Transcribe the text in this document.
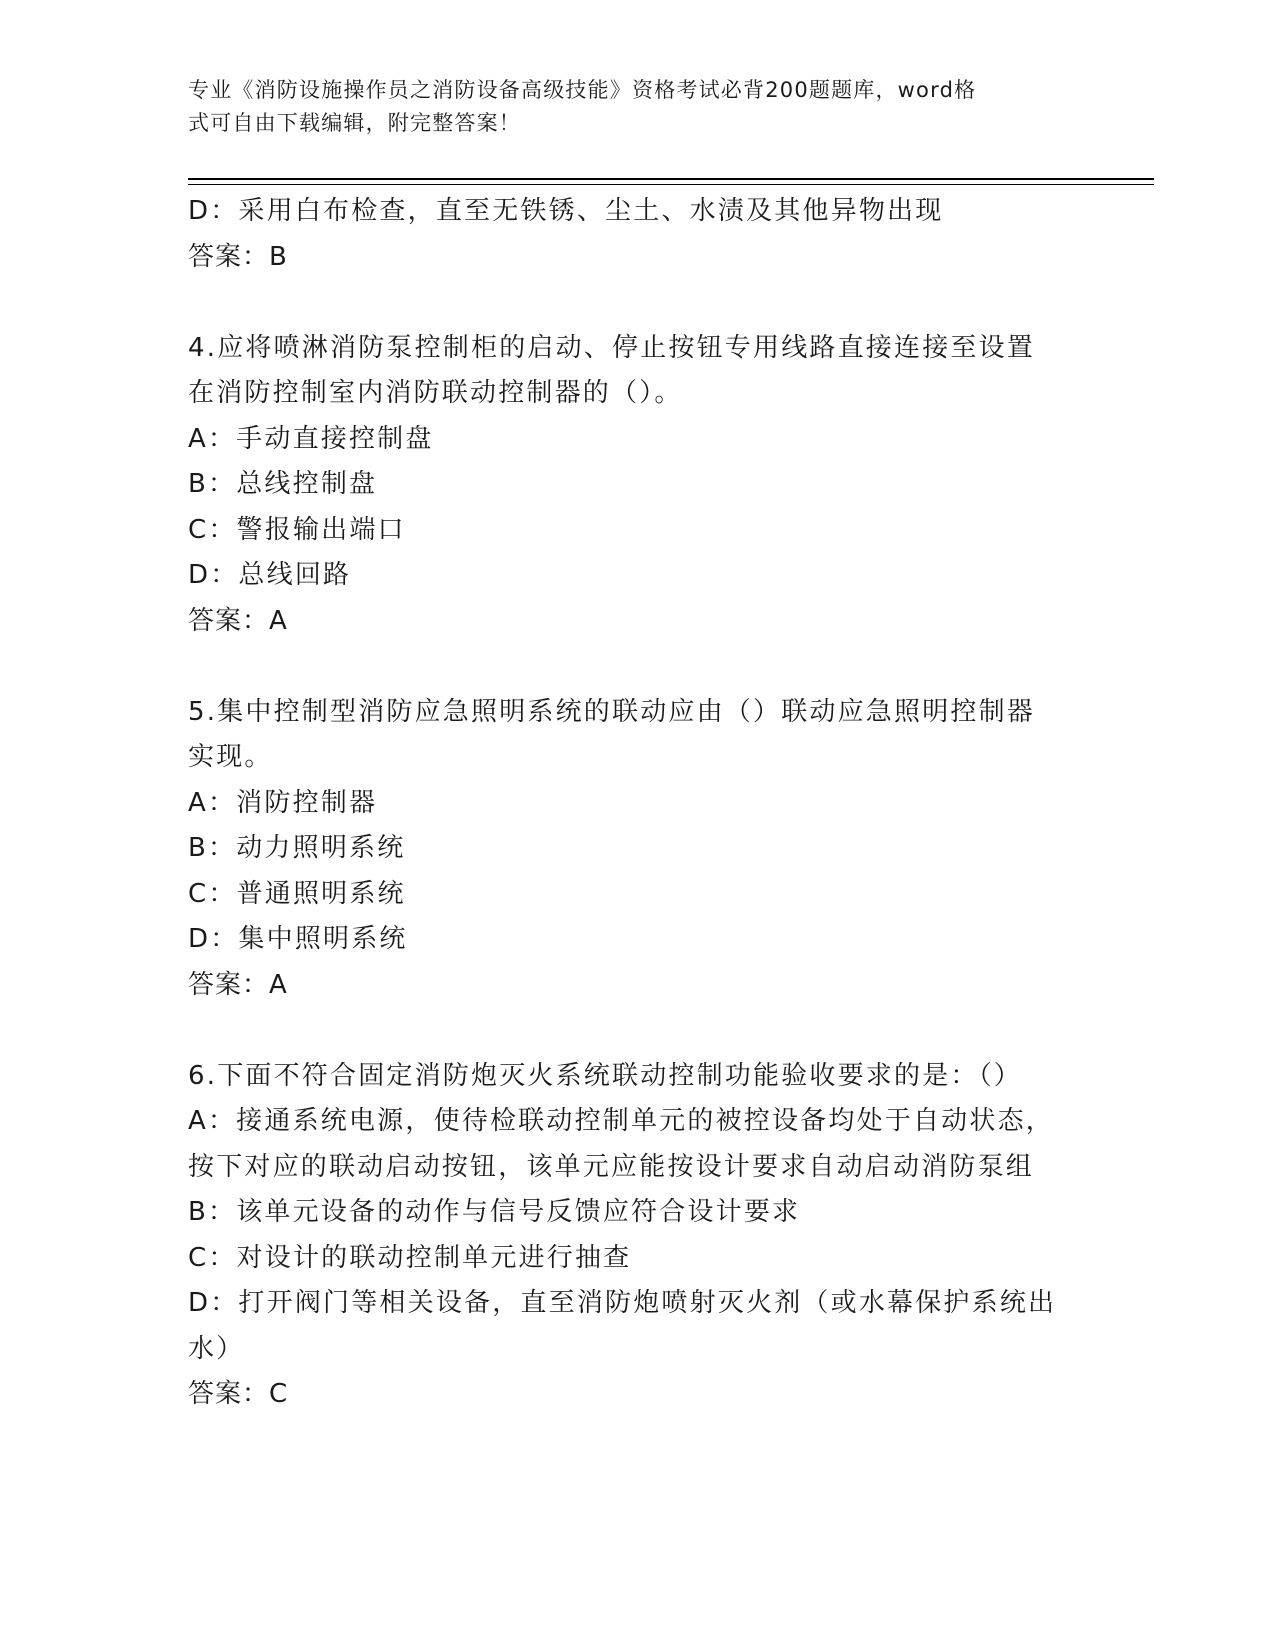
专业《消防设施操作员之消防设备高级技能》资格考试必背200题题库，word格
式可自由下载编辑，附完整答案！
D：采用白布检查，直至无铁锈、尘土、水渍及其他异物出现
答案：B
4.应将喷淋消防泵控制柜的启动、停止按钮专用线路直接连接至设置
在消防控制室内消防联动控制器的（）。
A：手动直接控制盘
B：总线控制盘
C：警报输出端口
D：总线回路
答案：A
5.集中控制型消防应急照明系统的联动应由（）联动应急照明控制器
实现。
A：消防控制器
B：动力照明系统
C：普通照明系统
D：集中照明系统
答案：A
6.下面不符合固定消防炮灭火系统联动控制功能验收要求的是：（）
A：接通系统电源，使待检联动控制单元的被控设备均处于自动状态，
按下对应的联动启动按钮，该单元应能按设计要求自动启动消防泵组
B：该单元设备的动作与信号反馈应符合设计要求
C：对设计的联动控制单元进行抽查
D：打开阀门等相关设备，直至消防炮喷射灭火剂（或水幕保护系统出
水）
答案：C
